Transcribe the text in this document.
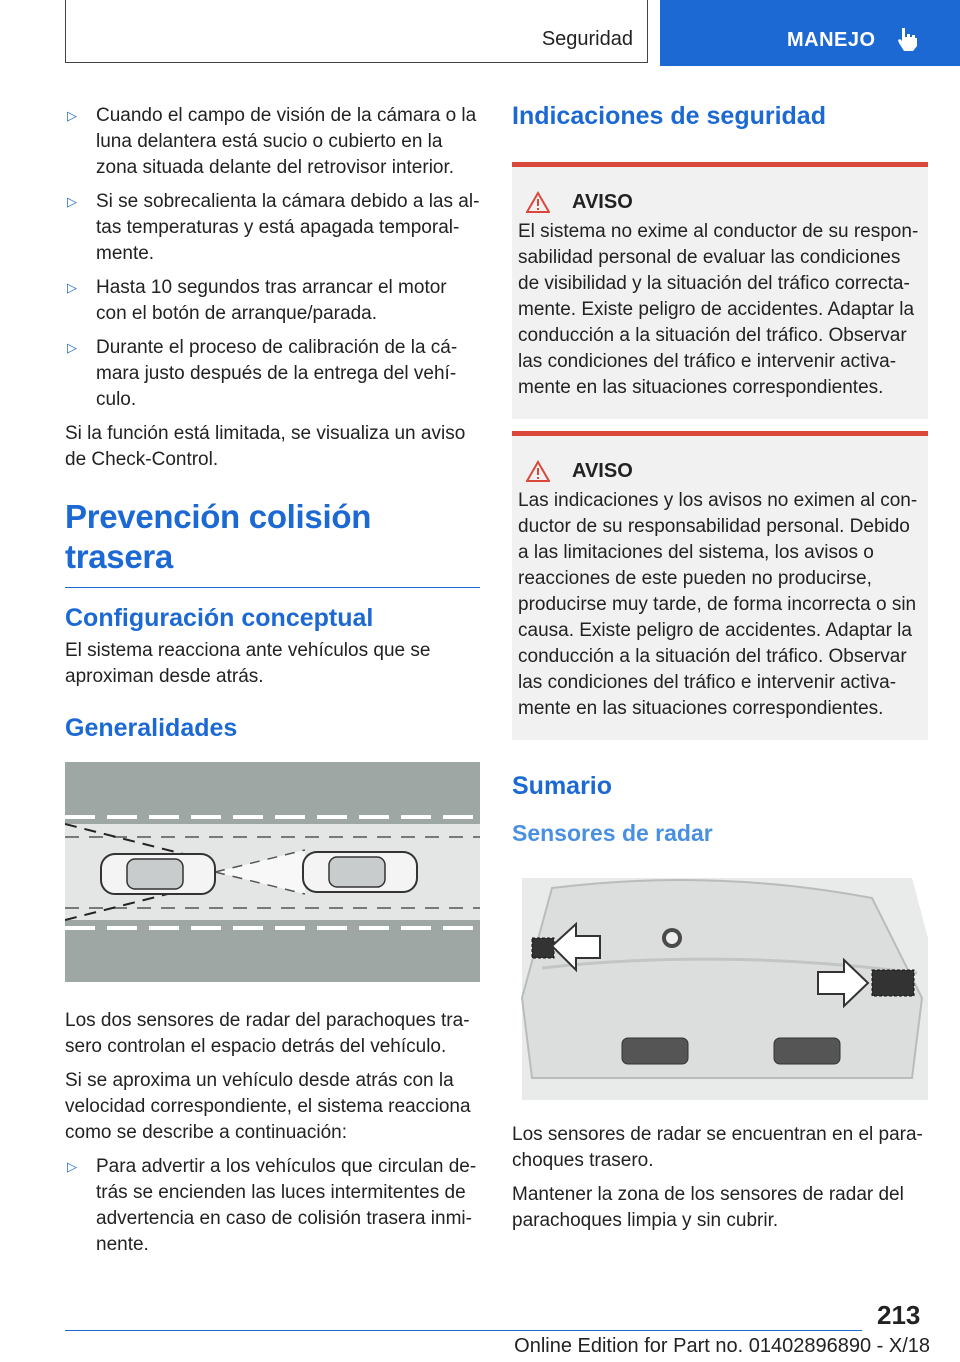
Seguridad	MANEJO
▷	Cuando el campo de visión de la cámara o la luna delantera está sucio o cubierto en la zona situada delante del retrovisor interior.
▷	Si se sobrecalienta la cámara debido a las altas temperaturas y está apagada temporalmente.
▷	Hasta 10 segundos tras arrancar el motor con el botón de arranque/parada.
▷	Durante el proceso de calibración de la cámara justo después de la entrega del vehículo.

Si la función está limitada, se visualiza un aviso de Check-Control.

Prevención colisión trasera
Configuración conceptual

El sistema reacciona ante vehículos que se aproximan desde atrás.

Generalidades

Los dos sensores de radar del parachoques trasero controlan el espacio detrás del vehículo.

Si se aproxima un vehículo desde atrás con la velocidad correspondiente, el sistema reacciona como se describe a continuación:

▷	Para advertir a los vehículos que circulan detrás se encienden las luces intermitentes de advertencia en caso de colisión trasera inminente.
Indicaciones de seguridad
AVISO
El sistema no exime al conductor de su responsabilidad personal de evaluar las condiciones de visibilidad y la situación del tráfico correctamente. Existe peligro de accidentes. Adaptar la conducción a la situación del tráfico. Observar las condiciones del tráfico e intervenir activamente en las situaciones correspondientes.
AVISO
Las indicaciones y los avisos no eximen al conductor de su responsabilidad personal. Debido a las limitaciones del sistema, los avisos o reacciones de este pueden no producirse, producirse muy tarde, de forma incorrecta o sin causa. Existe peligro de accidentes. Adaptar la conducción a la situación del tráfico. Observar las condiciones del tráfico e intervenir activamente en las situaciones correspondientes.
Sumario
Sensores de radar

Los sensores de radar se encuentran en el parachoques trasero.

Mantener la zona de los sensores de radar del parachoques limpia y sin cubrir.

213
Online Edition for Part no. 01402896890 - X/18
